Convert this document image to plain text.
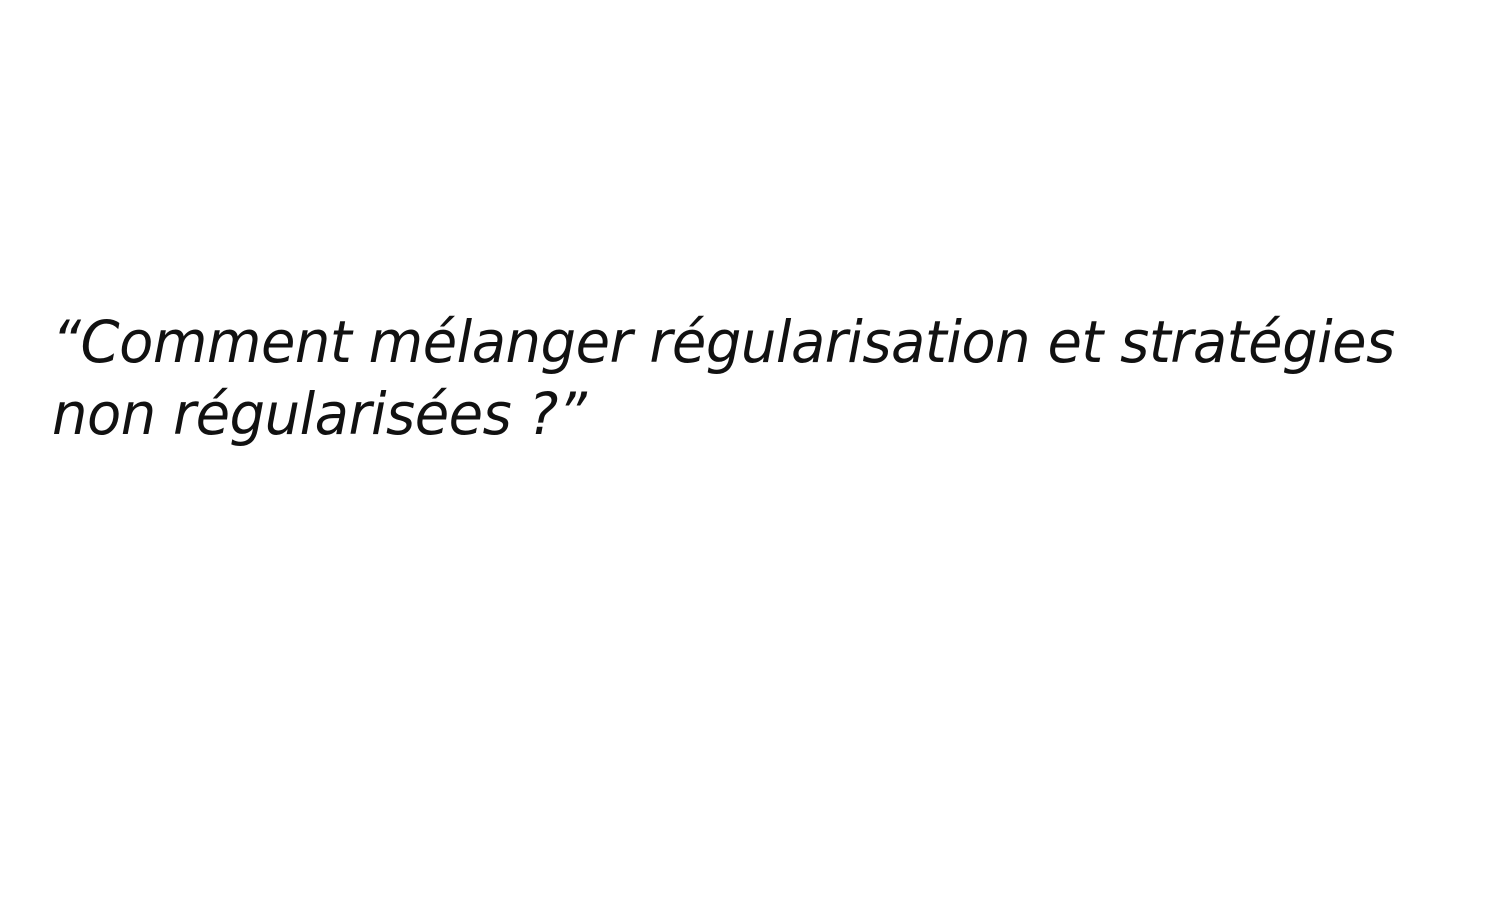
“Comment mélanger régularisation et stratégies
non régularisées ?”
